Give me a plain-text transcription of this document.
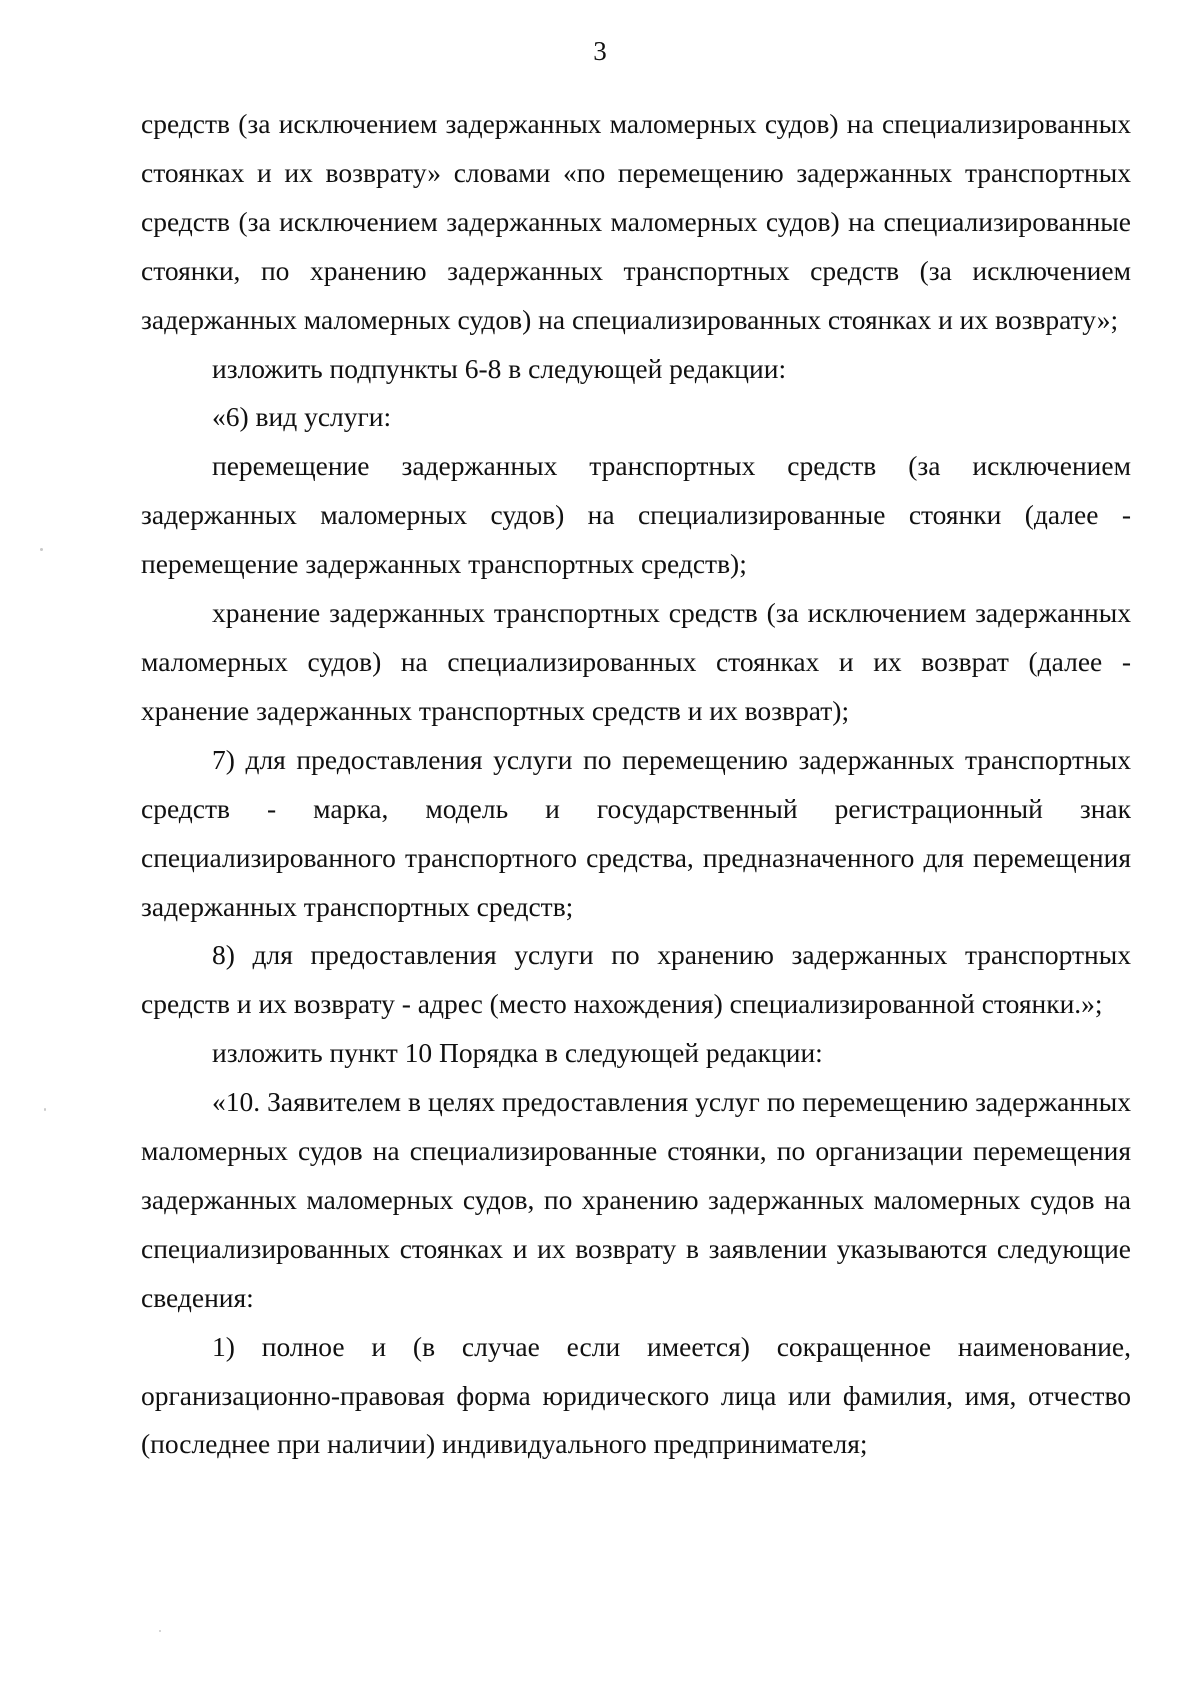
3

средств (за исключением задержанных маломерных судов) на специализированных стоянках и их возврату» словами «по перемещению задержанных транспортных средств (за исключением задержанных маломерных судов) на специализированные стоянки, по хранению задержанных транспортных средств (за исключением задержанных маломерных судов) на специализированных стоянках и их возврату»;

изложить подпункты 6-8 в следующей редакции:

«6) вид услуги:

перемещение задержанных транспортных средств (за исключением задержанных маломерных судов) на специализированные стоянки (далее - перемещение задержанных транспортных средств);

хранение задержанных транспортных средств (за исключением задержанных маломерных судов) на специализированных стоянках и их возврат (далее - хранение задержанных транспортных средств и их возврат);

7) для предоставления услуги по перемещению задержанных транспортных средств - марка, модель и государственный регистрационный знак специализированного транспортного средства, предназначенного для перемещения задержанных транспортных средств;

8) для предоставления услуги по хранению задержанных транспортных средств и их возврату - адрес (место нахождения) специализированной стоянки.»;

изложить пункт 10 Порядка в следующей редакции:

«10. Заявителем в целях предоставления услуг по перемещению задержанных маломерных судов на специализированные стоянки, по организации перемещения задержанных маломерных судов, по хранению задержанных маломерных судов на специализированных стоянках и их возврату в заявлении указываются следующие сведения:

1) полное и (в случае если имеется) сокращенное наименование, организационно-правовая форма юридического лица или фамилия, имя, отчество (последнее при наличии) индивидуального предпринимателя;
